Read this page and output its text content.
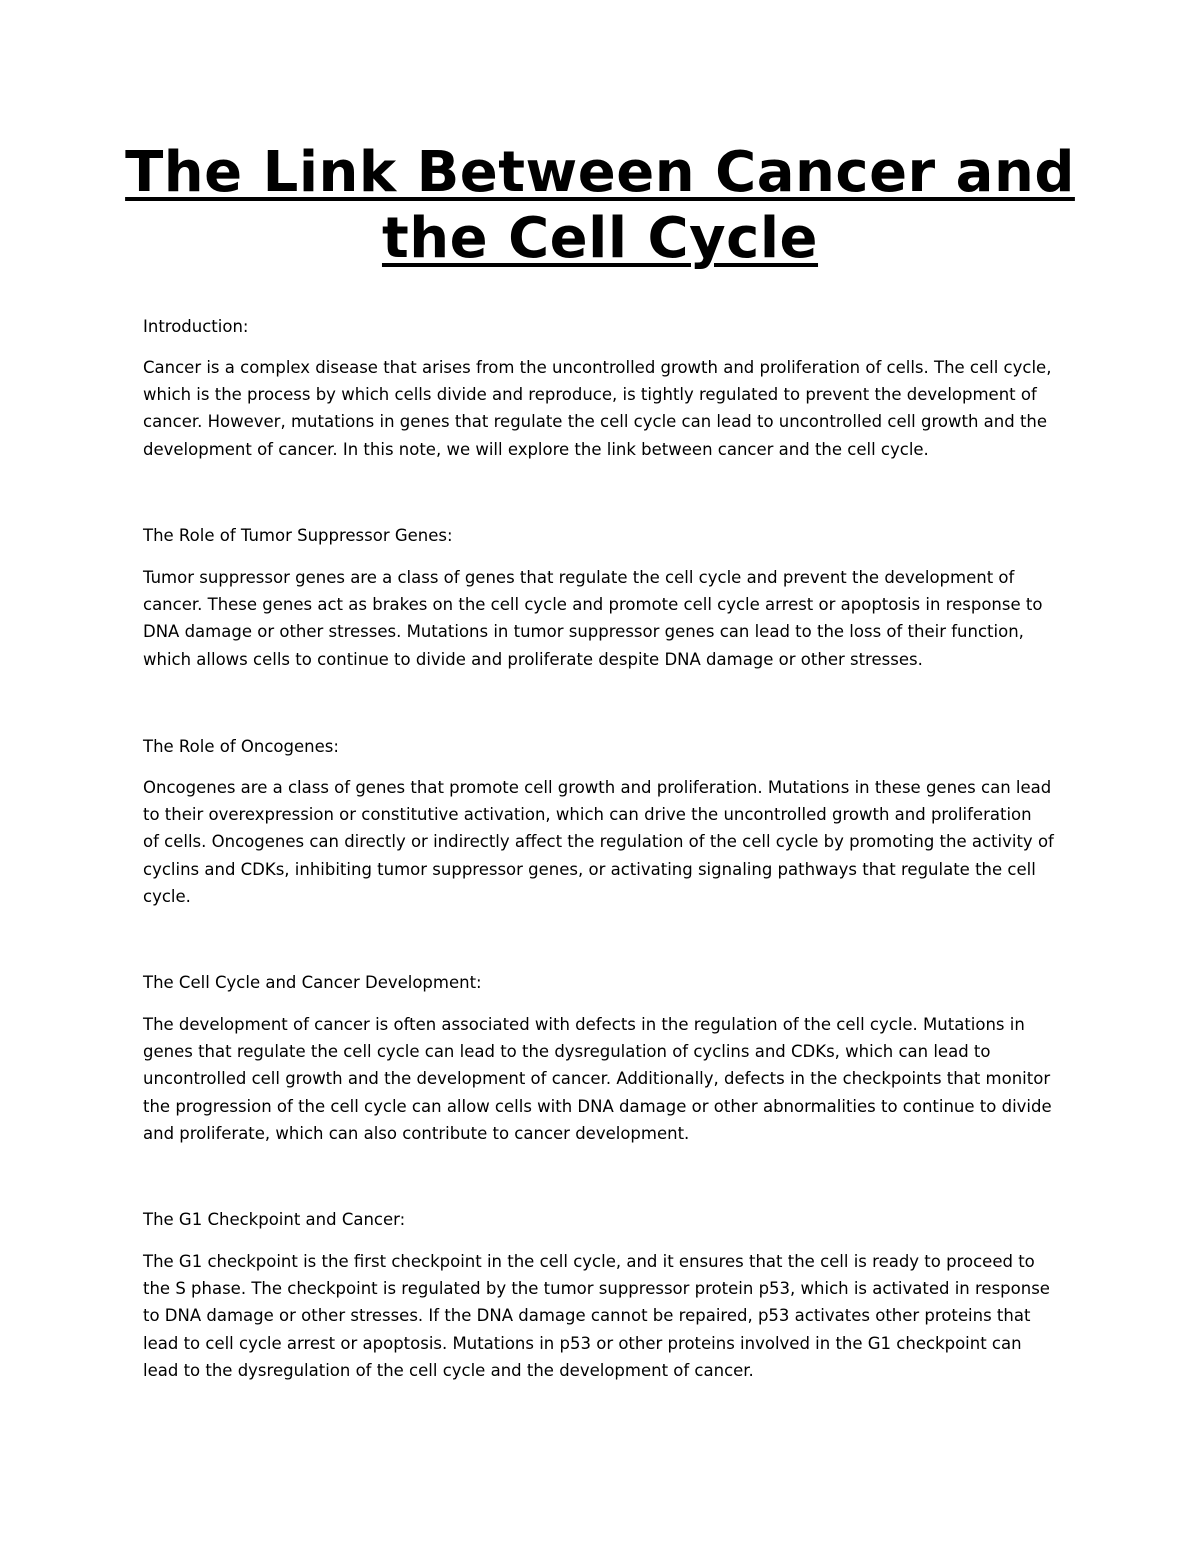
The Link Between Cancer and
the Cell Cycle
Introduction:
Cancer is a complex disease that arises from the uncontrolled growth and proliferation of cells. The cell cycle,
which is the process by which cells divide and reproduce, is tightly regulated to prevent the development of
cancer. However, mutations in genes that regulate the cell cycle can lead to uncontrolled cell growth and the
development of cancer. In this note, we will explore the link between cancer and the cell cycle.
The Role of Tumor Suppressor Genes:
Tumor suppressor genes are a class of genes that regulate the cell cycle and prevent the development of
cancer. These genes act as brakes on the cell cycle and promote cell cycle arrest or apoptosis in response to
DNA damage or other stresses. Mutations in tumor suppressor genes can lead to the loss of their function,
which allows cells to continue to divide and proliferate despite DNA damage or other stresses.
The Role of Oncogenes:
Oncogenes are a class of genes that promote cell growth and proliferation. Mutations in these genes can lead
to their overexpression or constitutive activation, which can drive the uncontrolled growth and proliferation
of cells. Oncogenes can directly or indirectly affect the regulation of the cell cycle by promoting the activity of
cyclins and CDKs, inhibiting tumor suppressor genes, or activating signaling pathways that regulate the cell
cycle.
The Cell Cycle and Cancer Development:
The development of cancer is often associated with defects in the regulation of the cell cycle. Mutations in
genes that regulate the cell cycle can lead to the dysregulation of cyclins and CDKs, which can lead to
uncontrolled cell growth and the development of cancer. Additionally, defects in the checkpoints that monitor
the progression of the cell cycle can allow cells with DNA damage or other abnormalities to continue to divide
and proliferate, which can also contribute to cancer development.
The G1 Checkpoint and Cancer:
The G1 checkpoint is the first checkpoint in the cell cycle, and it ensures that the cell is ready to proceed to
the S phase. The checkpoint is regulated by the tumor suppressor protein p53, which is activated in response
to DNA damage or other stresses. If the DNA damage cannot be repaired, p53 activates other proteins that
lead to cell cycle arrest or apoptosis. Mutations in p53 or other proteins involved in the G1 checkpoint can
lead to the dysregulation of the cell cycle and the development of cancer.
